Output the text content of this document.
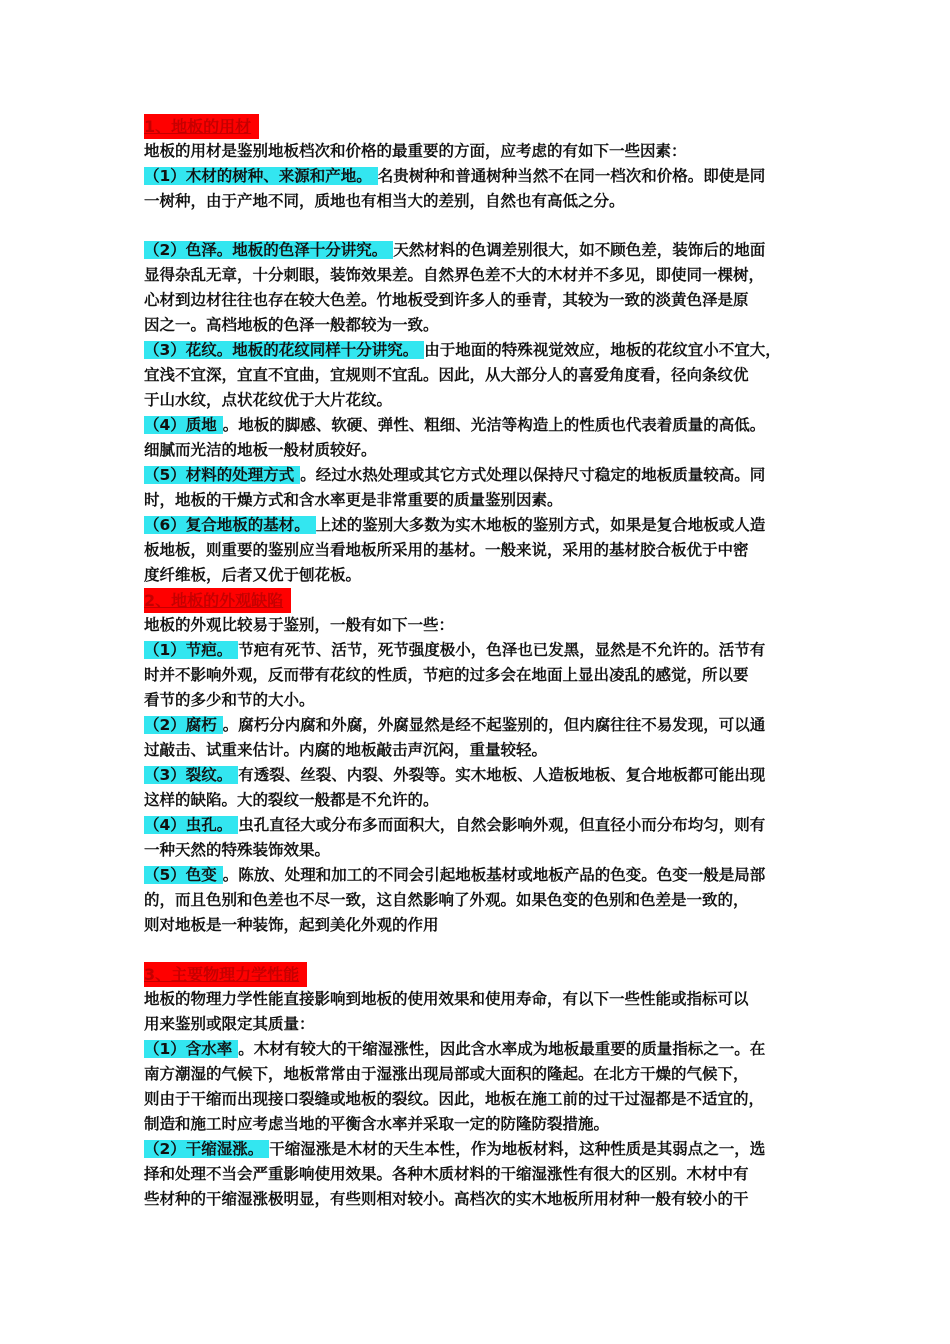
1、地板的用材
地板的用材是鉴别地板档次和价格的最重要的方面，应考虑的有如下一些因素：
（1）木材的树种、来源和产地。 名贵树种和普通树种当然不在同一档次和价格。即使是同
一树种，由于产地不同，质地也有相当大的差别，自然也有高低之分。
（2）色泽。地板的色泽十分讲究。 天然材料的色调差别很大，如不顾色差，装饰后的地面
显得杂乱无章，十分刺眼，装饰效果差。自然界色差不大的木材并不多见，即使同一棵树，
心材到边材往往也存在较大色差。竹地板受到许多人的垂青，其较为一致的淡黄色泽是原
因之一。高档地板的色泽一般都较为一致。
（3）花纹。地板的花纹同样十分讲究。 由于地面的特殊视觉效应，地板的花纹宜小不宜大，
宜浅不宜深，宜直不宜曲，宜规则不宜乱。因此，从大部分人的喜爱角度看，径向条纹优
于山水纹，点状花纹优于大片花纹。
（4）质地 。地板的脚感、软硬、弹性、粗细、光洁等构造上的性质也代表着质量的高低。
细腻而光洁的地板一般材质较好。
（5）材料的处理方式 。经过水热处理或其它方式处理以保持尺寸稳定的地板质量较高。同
时，地板的干燥方式和含水率更是非常重要的质量鉴别因素。
（6）复合地板的基材。 上述的鉴别大多数为实木地板的鉴别方式，如果是复合地板或人造
板地板，则重要的鉴别应当看地板所采用的基材。一般来说，采用的基材胶合板优于中密
度纤维板，后者又优于刨花板。
2、地板的外观缺陷
地板的外观比较易于鉴别，一般有如下一些：
（1）节疤。 节疤有死节、活节，死节强度极小，色泽也已发黑，显然是不允许的。活节有
时并不影响外观，反而带有花纹的性质，节疤的过多会在地面上显出凌乱的感觉，所以要
看节的多少和节的大小。
（2）腐朽 。腐朽分内腐和外腐，外腐显然是经不起鉴别的，但内腐往往不易发现，可以通
过敲击、试重来估计。内腐的地板敲击声沉闷，重量较轻。
（3）裂纹。 有透裂、丝裂、内裂、外裂等。实木地板、人造板地板、复合地板都可能出现
这样的缺陷。大的裂纹一般都是不允许的。
（4）虫孔。 虫孔直径大或分布多而面积大，自然会影响外观，但直径小而分布均匀，则有
一种天然的特殊装饰效果。
（5）色变 。陈放、处理和加工的不同会引起地板基材或地板产品的色变。色变一般是局部
的，而且色别和色差也不尽一致，这自然影响了外观。如果色变的色别和色差是一致的，
则对地板是一种装饰，起到美化外观的作用
3、主要物理力学性能
地板的物理力学性能直接影响到地板的使用效果和使用寿命，有以下一些性能或指标可以
用来鉴别或限定其质量：
（1）含水率 。木材有较大的干缩湿涨性，因此含水率成为地板最重要的质量指标之一。在
南方潮湿的气候下，地板常常由于湿涨出现局部或大面积的隆起。在北方干燥的气候下，
则由于干缩而出现接口裂缝或地板的裂纹。因此，地板在施工前的过干过湿都是不适宜的，
制造和施工时应考虑当地的平衡含水率并采取一定的防隆防裂措施。
（2）干缩湿涨。 干缩湿涨是木材的天生本性，作为地板材料，这种性质是其弱点之一，选
择和处理不当会严重影响使用效果。各种木质材料的干缩湿涨性有很大的区别。木材中有
些材种的干缩湿涨极明显，有些则相对较小。高档次的实木地板所用材种一般有较小的干
